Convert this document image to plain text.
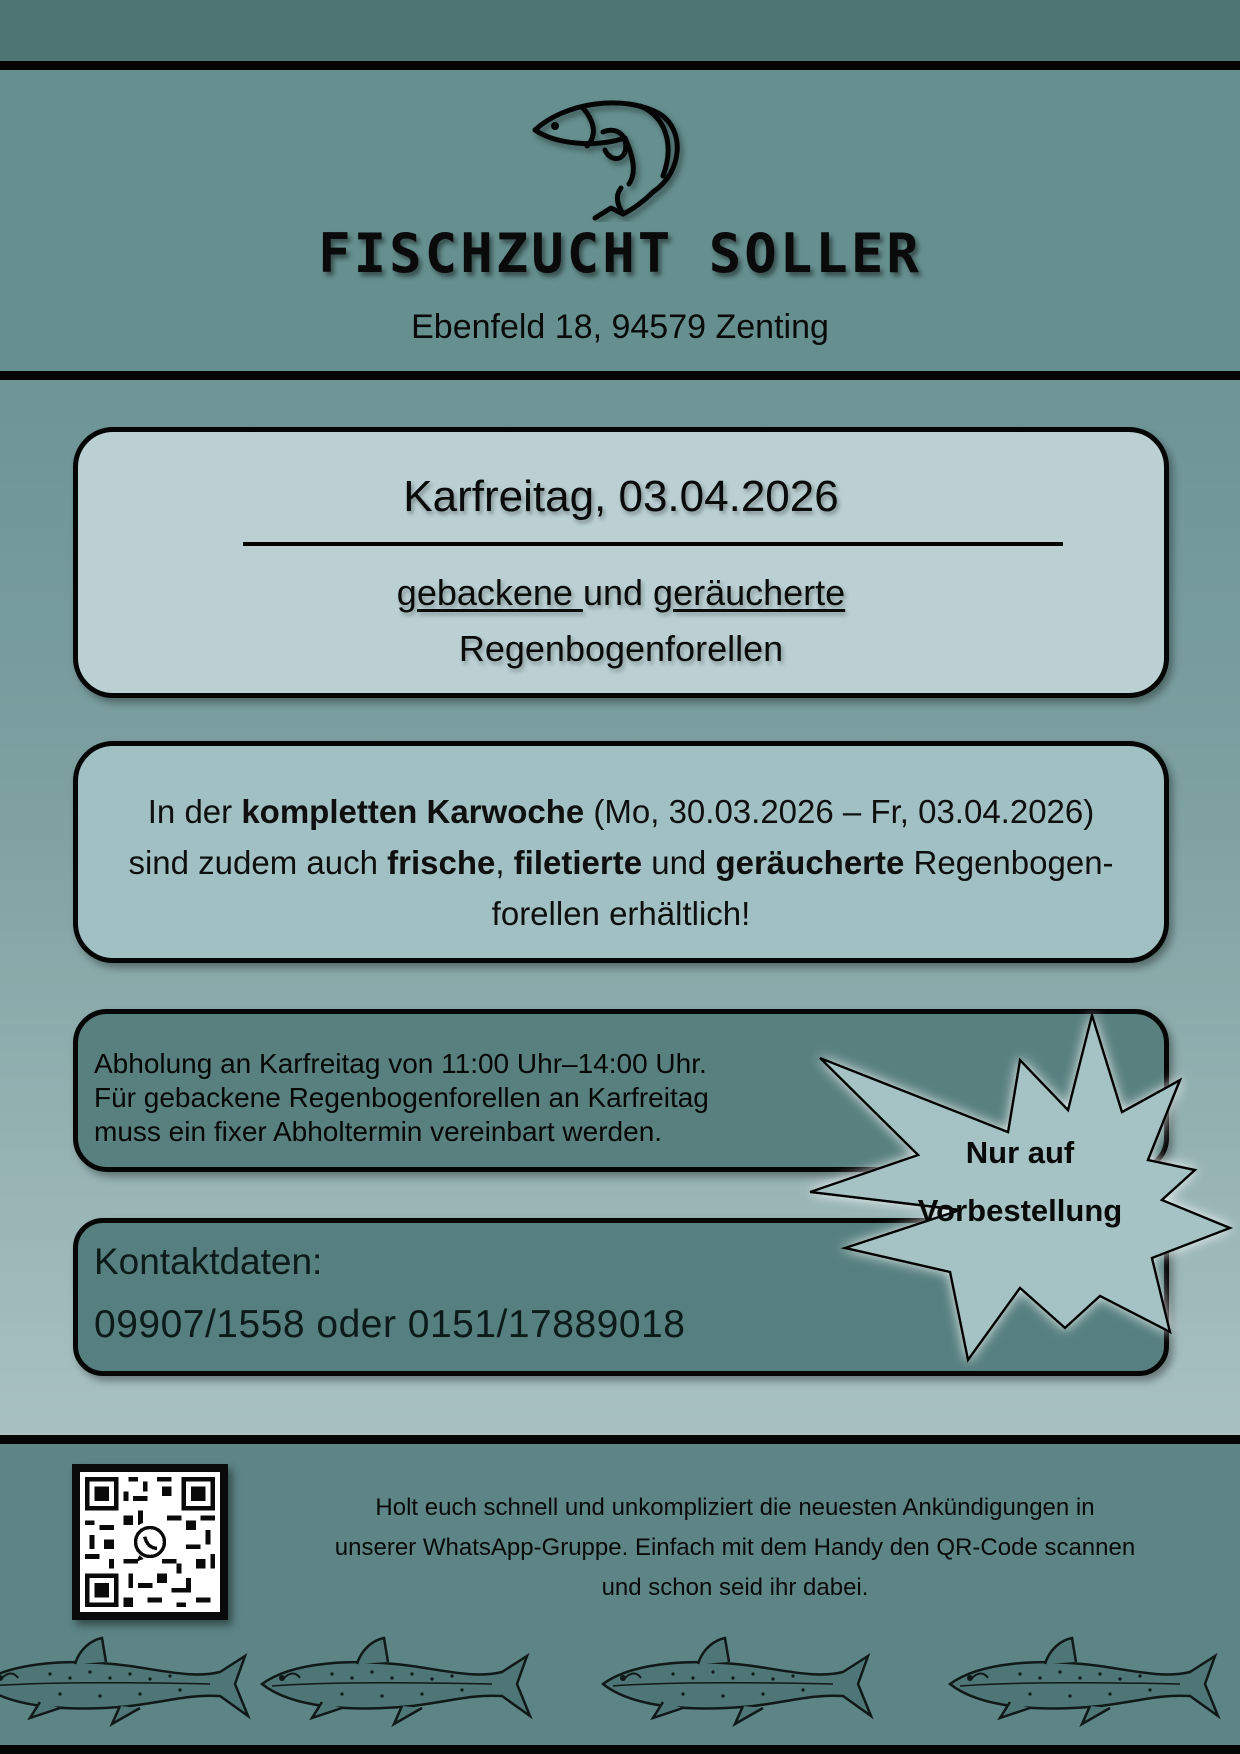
FISCHZUCHT SOLLER
Ebenfeld 18, 94579 Zenting
Karfreitag, 03.04.2026
gebackene und geräucherte
Regenbogenforellen
In der kompletten Karwoche (Mo, 30.03.2026 – Fr, 03.04.2026)
sind zudem auch frische, filetierte und geräucherte Regenbogen-
forellen erhältlich!
Abholung an Karfreitag von 11:00 Uhr–14:00 Uhr.
Für gebackene Regenbogenforellen an Karfreitag
muss ein fixer Abholtermin vereinbart werden.
Kontaktdaten:
09907/1558 oder 0151/17889018
Nur auf
Vorbestellung
Holt euch schnell und unkompliziert die neuesten Ankündigungen in
unserer WhatsApp-Gruppe. Einfach mit dem Handy den QR-Code scannen
und schon seid ihr dabei.
